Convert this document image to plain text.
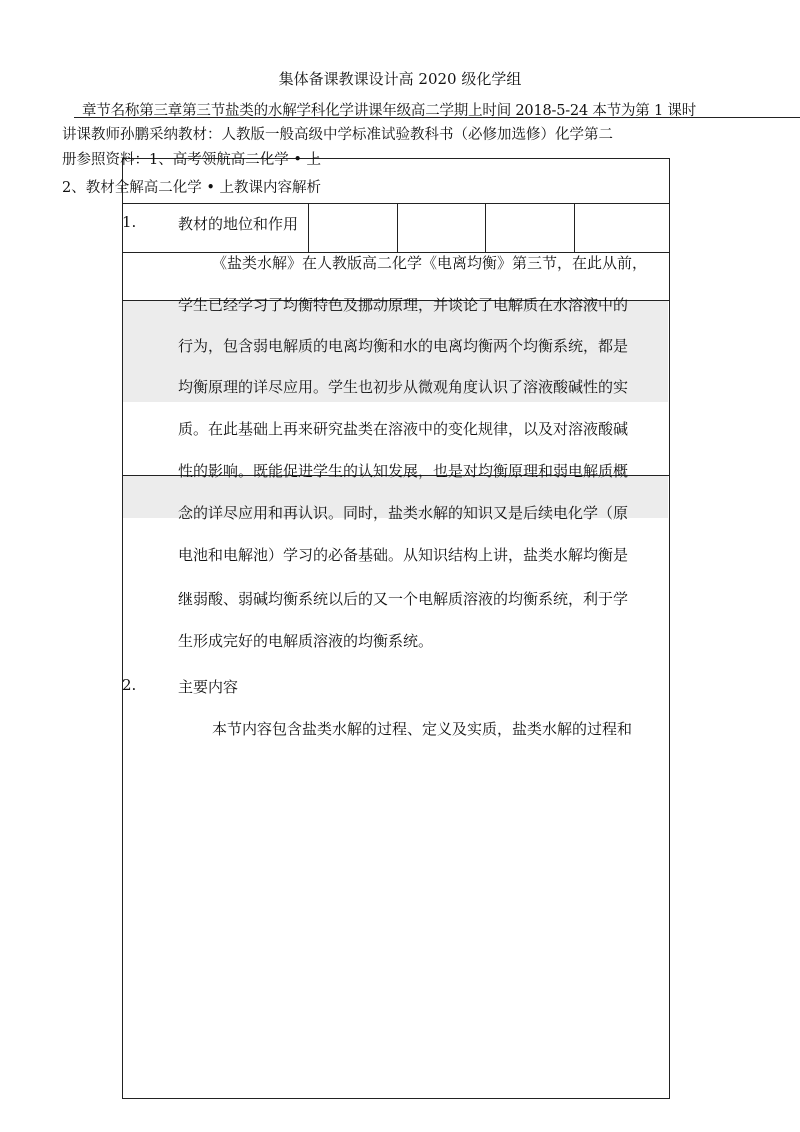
集体备课教课设计高 2020 级化学组
章节名称第三章第三节盐类的水解学科化学讲课年级高二学期上时间 2018-5-24 本节为第 1 课时
讲课教师孙鹏采纳教材：人教版一般高级中学标准试验教科书（必修加选修）化学第二
册参照资料：1、高考领航高二化学 • 上
2、教材全解高二化学 • 上教课内容解析
1.	教材的地位和作用
《盐类水解》在人教版高二化学《电离均衡》第三节，在此从前，
学生已经学习了均衡特色及挪动原理，并谈论了电解质在水溶液中的
行为，包含弱电解质的电离均衡和水的电离均衡两个均衡系统，都是
均衡原理的详尽应用。学生也初步从微观角度认识了溶液酸碱性的实
质。在此基础上再来研究盐类在溶液中的变化规律，以及对溶液酸碱
性的影响。既能促进学生的认知发展，也是对均衡原理和弱电解质概
念的详尽应用和再认识。同时，盐类水解的知识又是后续电化学（原
电池和电解池）学习的必备基础。从知识结构上讲，盐类水解均衡是
继弱酸、弱碱均衡系统以后的又一个电解质溶液的均衡系统，利于学
生形成完好的电解质溶液的均衡系统。
2.	主要内容
本节内容包含盐类水解的过程、定义及实质，盐类水解的过程和
